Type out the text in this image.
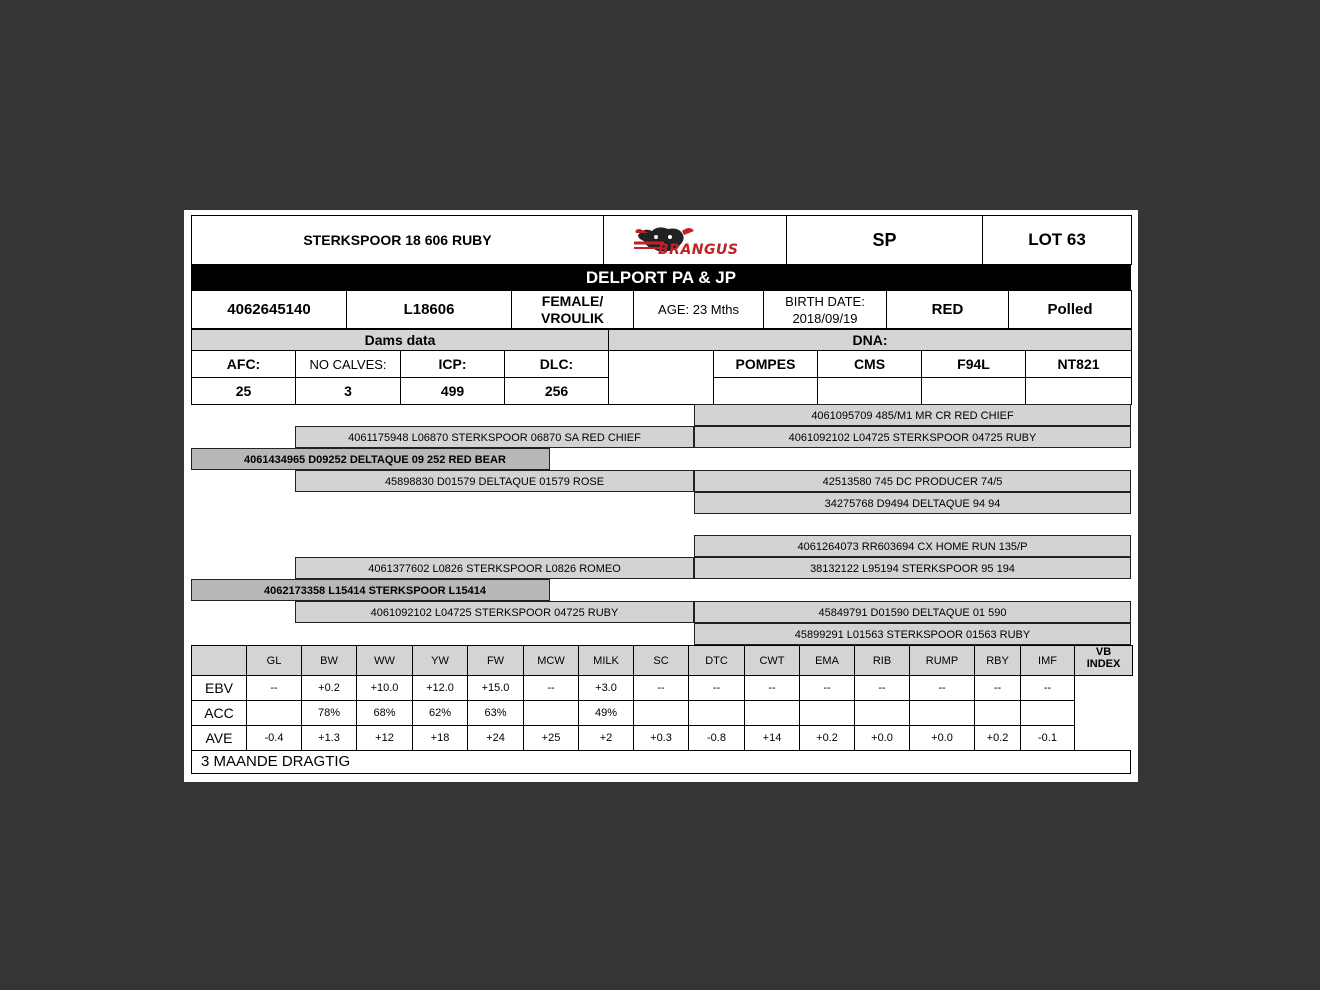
STERKSPOOR 18 606 RUBY	
BRANGUS
	SP	LOT 63
DELPORT PA & JP
4062645140	L18606	
FEMALE/
VROULIK	AGE: 23 Mths	
BIRTH DATE:
2018/09/19	RED	Polled
Dams data				DNA:				
AFC:	NO CALVES:	ICP:	DLC:		POMPES	CMS	F94L	NT821
25	3	499	256					
4061095709 485/M1 MR CR RED CHIEF
4061175948 L06870 STERKSPOOR 06870 SA RED CHIEF	4061092102 L04725 STERKSPOOR 04725 RUBY
4061434965 D09252 DELTAQUE 09 252 RED BEAR
45898830 D01579 DELTAQUE 01579 ROSE	42513580 745 DC PRODUCER 74/5
34275768 D9494 DELTAQUE 94 94
4061264073 RR603694 CX HOME RUN 135/P
4061377602 L0826 STERKSPOOR L0826 ROMEO	38132122 L95194 STERKSPOOR 95 194
4062173358 L15414 STERKSPOOR L15414
4061092102 L04725 STERKSPOOR 04725 RUBY	45849791 D01590 DELTAQUE 01 590
45899291 L01563 STERKSPOOR 01563 RUBY
	GL	BW	WW	YW	FW	MCW	MILK	SC	DTC	CWT	EMA	RIB	RUMP	RBY	IMF	VB
INDEX

EBV	--	+0.2	+10.0	+12.0	+15.0	--	+3.0	--	--	--	--	--	--	--	--	
ACC		78%	68%	62%	63%		49%									
AVE	-0.4	+1.3	+12	+18	+24	+25	+2	+0.3	-0.8	+14	+0.2	+0.0	+0.0	+0.2	-0.1	
3 MAANDE DRAGTIG
